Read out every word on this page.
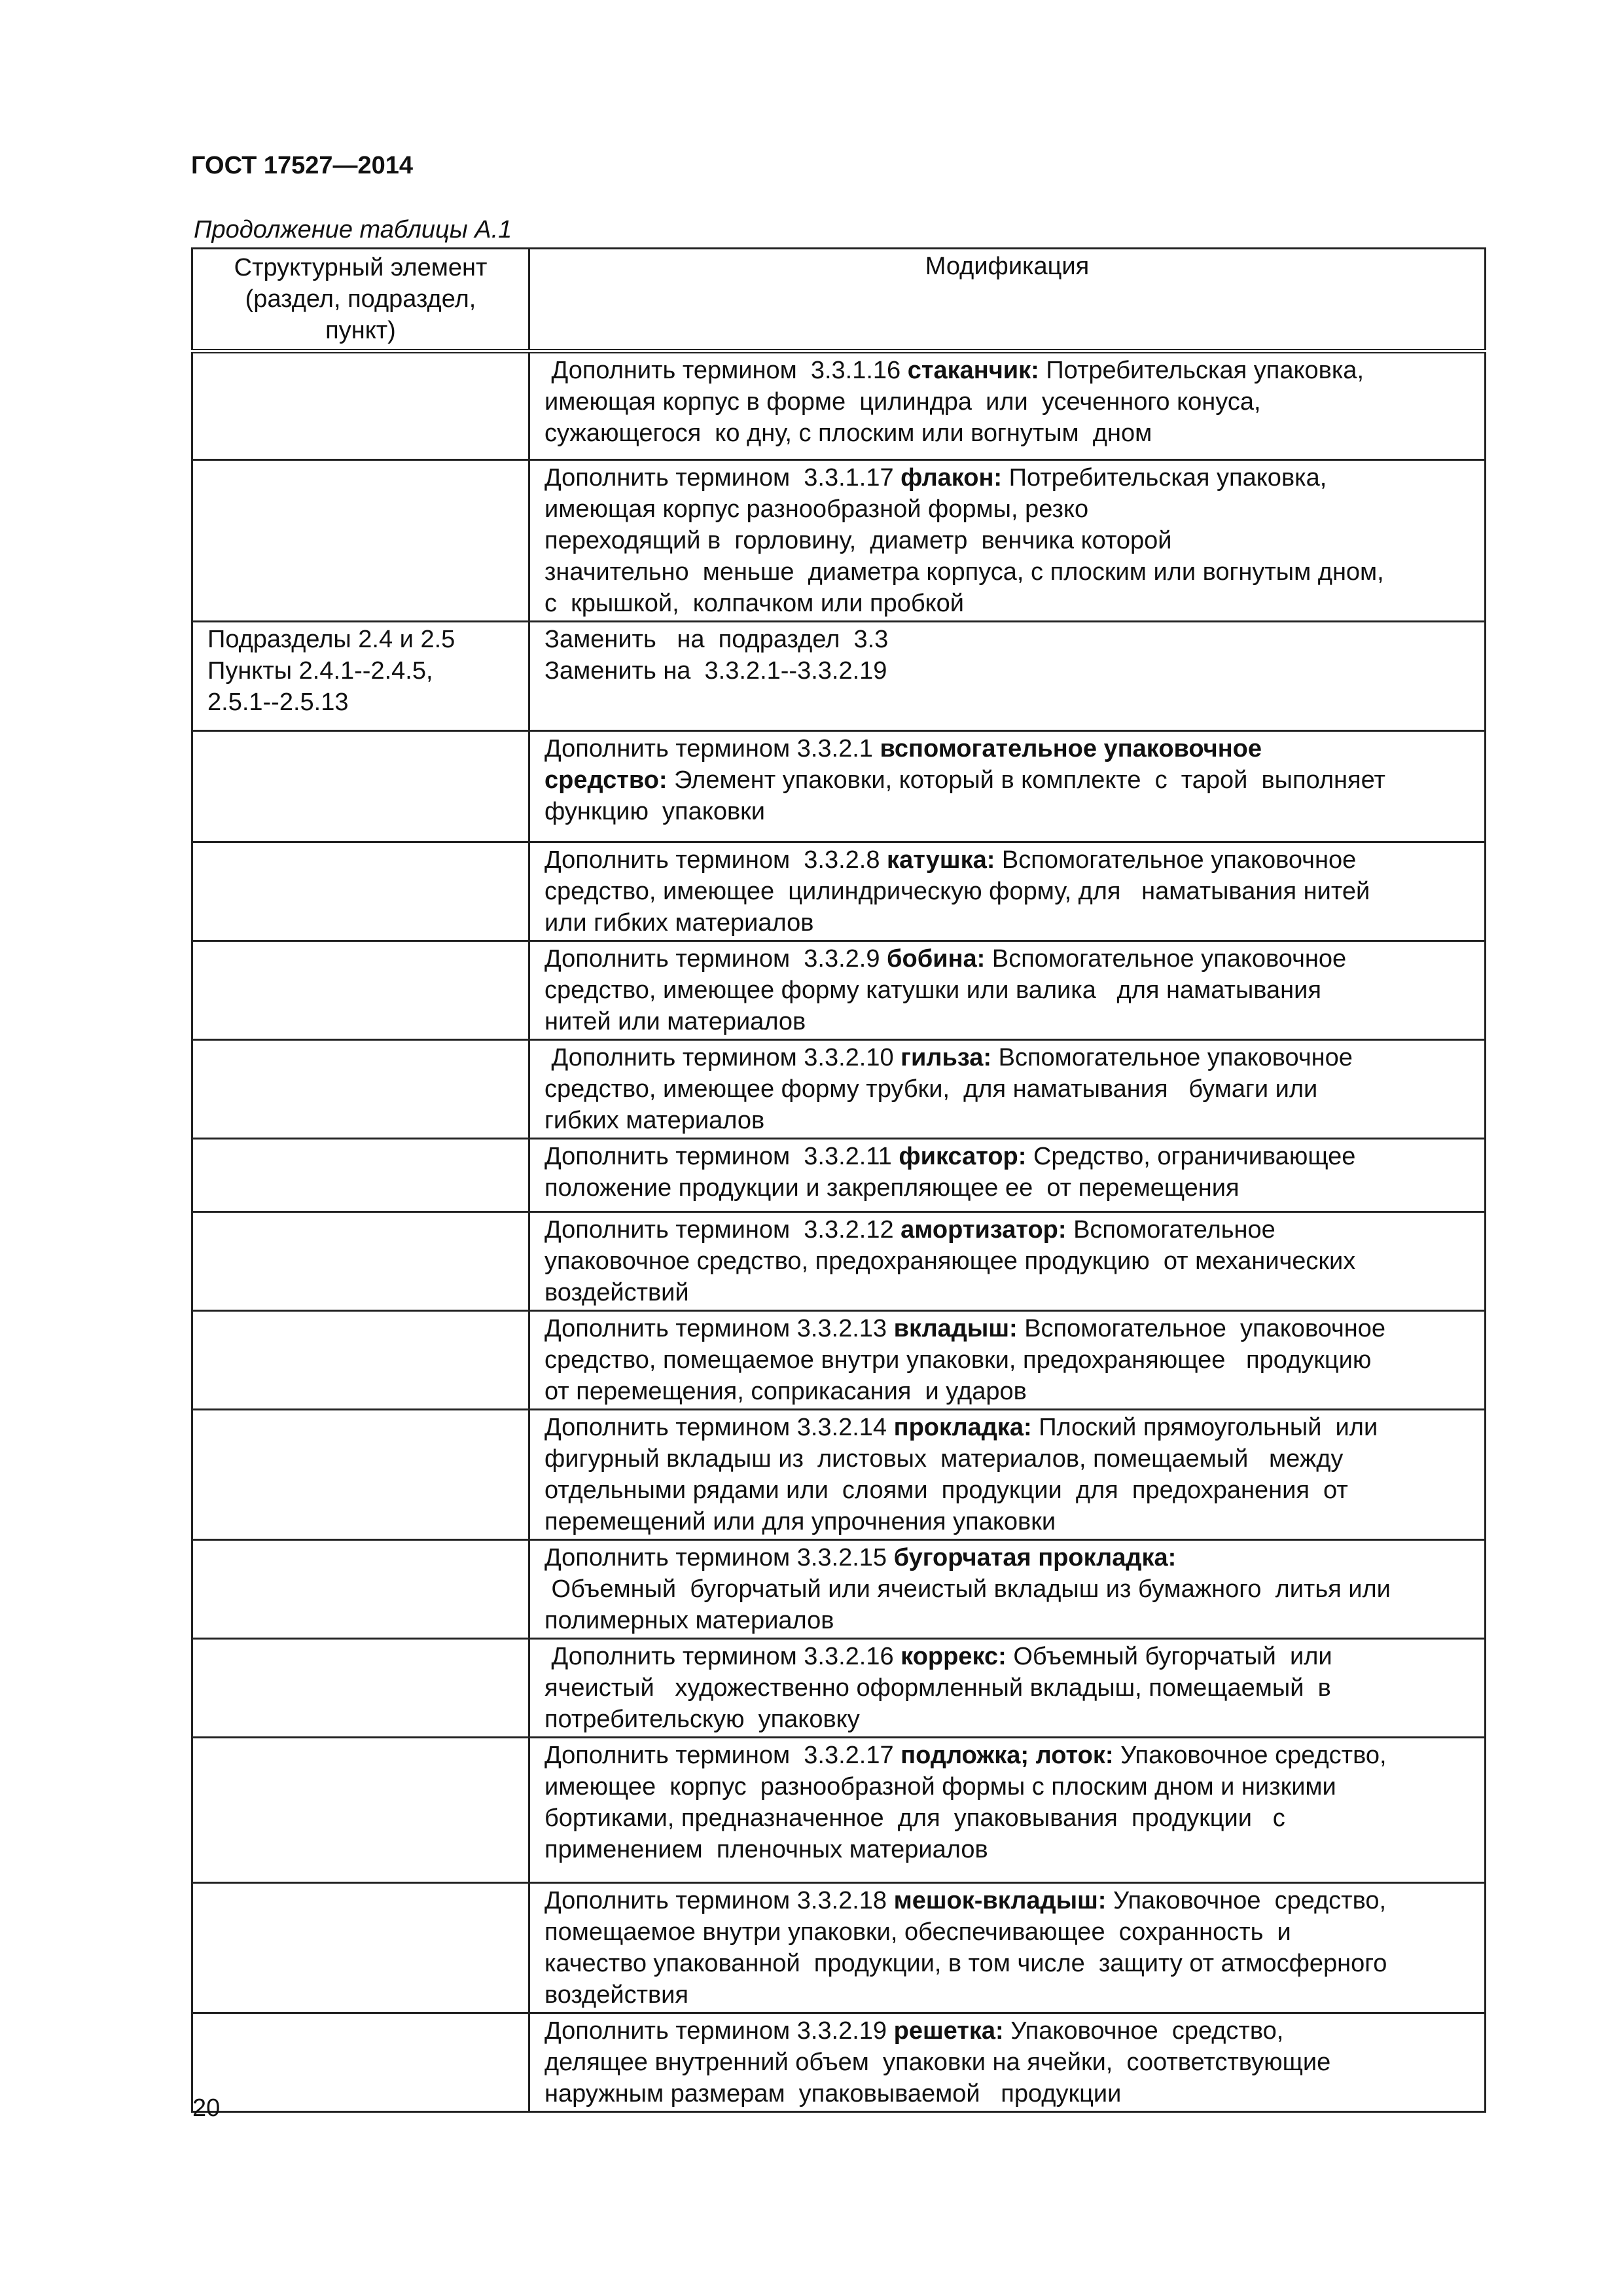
ГОСТ 17527—2014
Продолжение таблицы А.1
Структурный элемент (раздел, подраздел, пункт)	Модификация

	Дополнить термином  3.3.1.16 стаканчик: Потребительская упаковка,
имеющая корпус в форме  цилиндра  или  усеченного конуса,
сужающегося  ко дну, с плоским или вогнутым  дном

	Дополнить термином  3.3.1.17 флакон: Потребительская упаковка,
имеющая корпус разнообразной формы, резко
переходящий в  горловину,  диаметр  венчика которой
значительно  меньше  диаметра корпуса, с плоским или вогнутым дном,
с  крышкой,  колпачком или пробкой

Подразделы 2.4 и 2.5
Пункты 2.4.1--2.4.5,
2.5.1--2.5.13	Заменить   на  подраздел  3.3
Заменить на  3.3.2.1--3.3.2.19

	Дополнить термином 3.3.2.1 вспомогательное упаковочное
средство: Элемент упаковки, который в комплекте  с  тарой  выполняет
функцию  упаковки

	Дополнить термином  3.3.2.8 катушка: Вспомогательное упаковочное
средство, имеющее  цилиндрическую форму, для   наматывания нитей
или гибких материалов

	Дополнить термином  3.3.2.9 бобина: Вспомогательное упаковочное
средство, имеющее форму катушки или валика   для наматывания
нитей или материалов

	Дополнить термином 3.3.2.10 гильза: Вспомогательное упаковочное
средство, имеющее форму трубки,  для наматывания   бумаги или
гибких материалов

	Дополнить термином  3.3.2.11 фиксатор: Средство, ограничивающее
положение продукции и закрепляющее ее  от перемещения

	Дополнить термином  3.3.2.12 амортизатор: Вспомогательное
упаковочное средство, предохраняющее продукцию  от механических
воздействий

	Дополнить термином 3.3.2.13 вкладыш: Вспомогательное  упаковочное
средство, помещаемое внутри упаковки, предохраняющее   продукцию
от перемещения, соприкасания  и ударов

	Дополнить термином 3.3.2.14 прокладка: Плоский прямоугольный  или
фигурный вкладыш из  листовых  материалов, помещаемый   между
отдельными рядами или  слоями  продукции  для  предохранения  от
перемещений или для упрочнения упаковки

	Дополнить термином 3.3.2.15 бугорчатая прокладка:
Объемный  бугорчатый или ячеистый вкладыш из бумажного  литья или
полимерных материалов

	Дополнить термином 3.3.2.16 коррекс: Объемный бугорчатый  или
ячеистый   художественно оформленный вкладыш, помещаемый  в
потребительскую  упаковку

	Дополнить термином  3.3.2.17 подложка; лоток: Упаковочное средство,
имеющее  корпус  разнообразной формы с плоским дном и низкими
бортиками, предназначенное  для  упаковывания  продукции   с
применением  пленочных материалов

	Дополнить термином 3.3.2.18 мешок-вкладыш: Упаковочное  средство,
помещаемое внутри упаковки, обеспечивающее  сохранность  и
качество упакованной  продукции, в том числе  защиту от атмосферного
воздействия

	Дополнить термином 3.3.2.19 решетка: Упаковочное  средство,
делящее внутренний объем  упаковки на ячейки,  соответствующие
наружным размерам  упаковываемой   продукции
20
